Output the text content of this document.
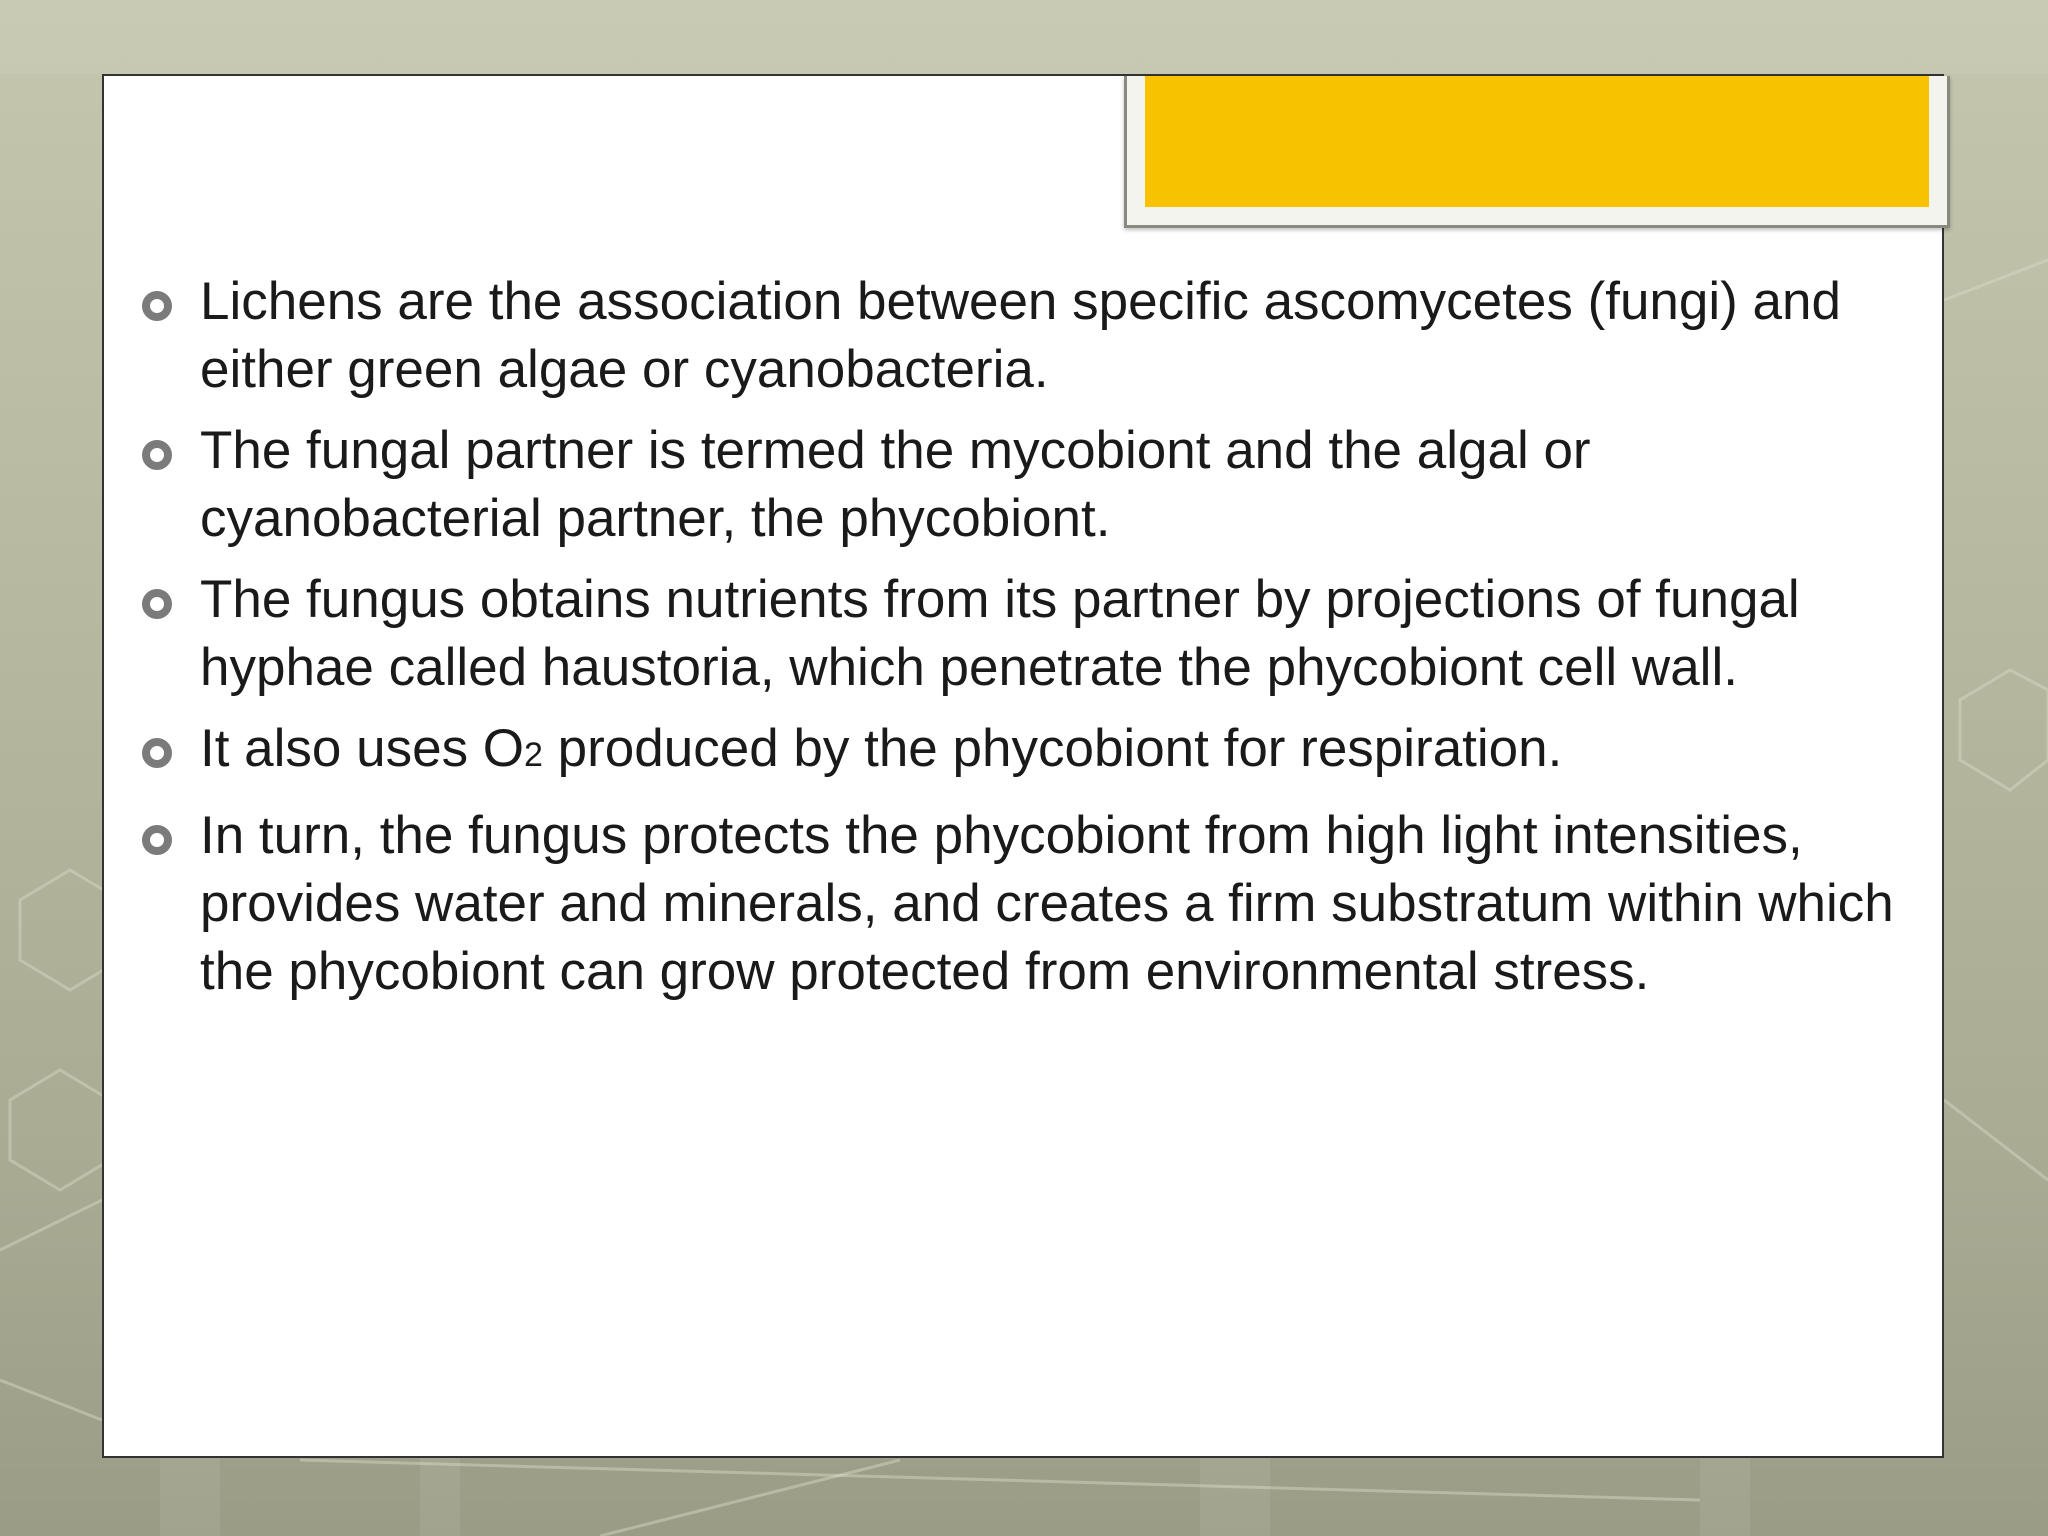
Lichens are the association between specific ascomycetes (fungi) and either green algae or cyanobacteria.
The fungal partner is termed the mycobiont and the algal or cyanobacterial partner, the phycobiont.
The fungus obtains nutrients from its partner by projections of fungal hyphae called haustoria, which penetrate the phycobiont cell wall.
It also uses O2 produced by the phycobiont for respiration.
In turn, the fungus protects the phycobiont from high light intensities, provides water and minerals, and creates a firm substratum within which the phycobiont can grow protected from environmental stress.
